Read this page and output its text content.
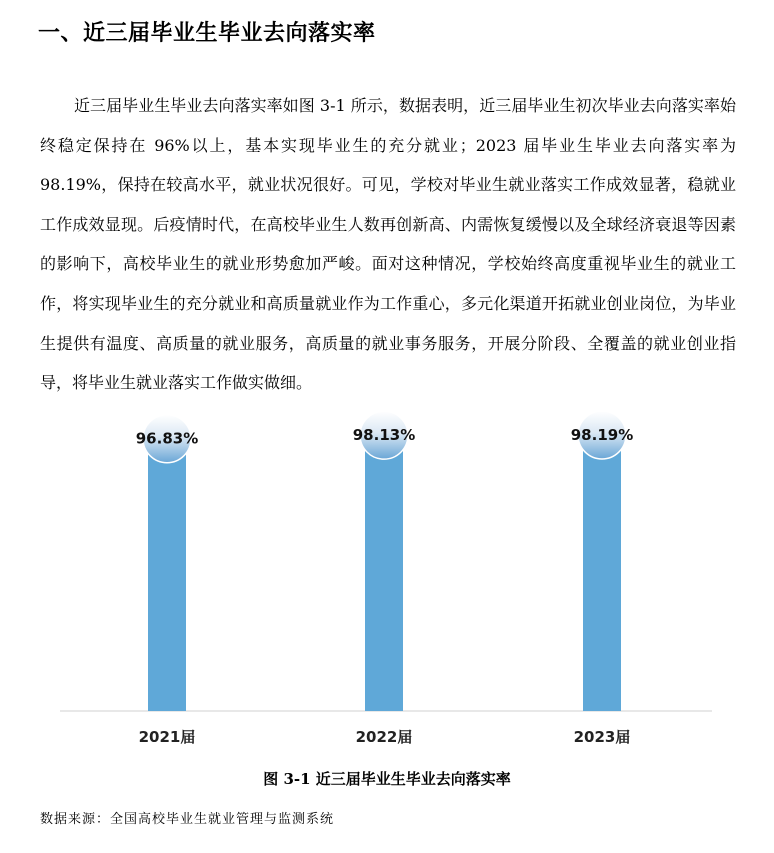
一、近三届毕业生毕业去向落实率
近三届毕业生毕业去向落实率如图 3-1 所示，数据表明，近三届毕业生初次毕业去向落实率始终稳定保持在 96%以上，基本实现毕业生的充分就业；2023 届毕业生毕业去向落实率为 98.19%，保持在较高水平，就业状况很好。可见，学校对毕业生就业落实工作成效显著，稳就业工作成效显现。后疫情时代，在高校毕业生人数再创新高、内需恢复缓慢以及全球经济衰退等因素的影响下，高校毕业生的就业形势愈加严峻。面对这种情况，学校始终高度重视毕业生的就业工作，将实现毕业生的充分就业和高质量就业作为工作重心，多元化渠道开拓就业创业岗位，为毕业生提供有温度、高质量的就业服务，高质量的就业事务服务，开展分阶段、全覆盖的就业创业指导，将毕业生就业落实工作做实做细。
96.83%
2021届
98.13%
2022届
98.19%
2023届
图 3-1 近三届毕业生毕业去向落实率
数据来源：全国高校毕业生就业管理与监测系统
